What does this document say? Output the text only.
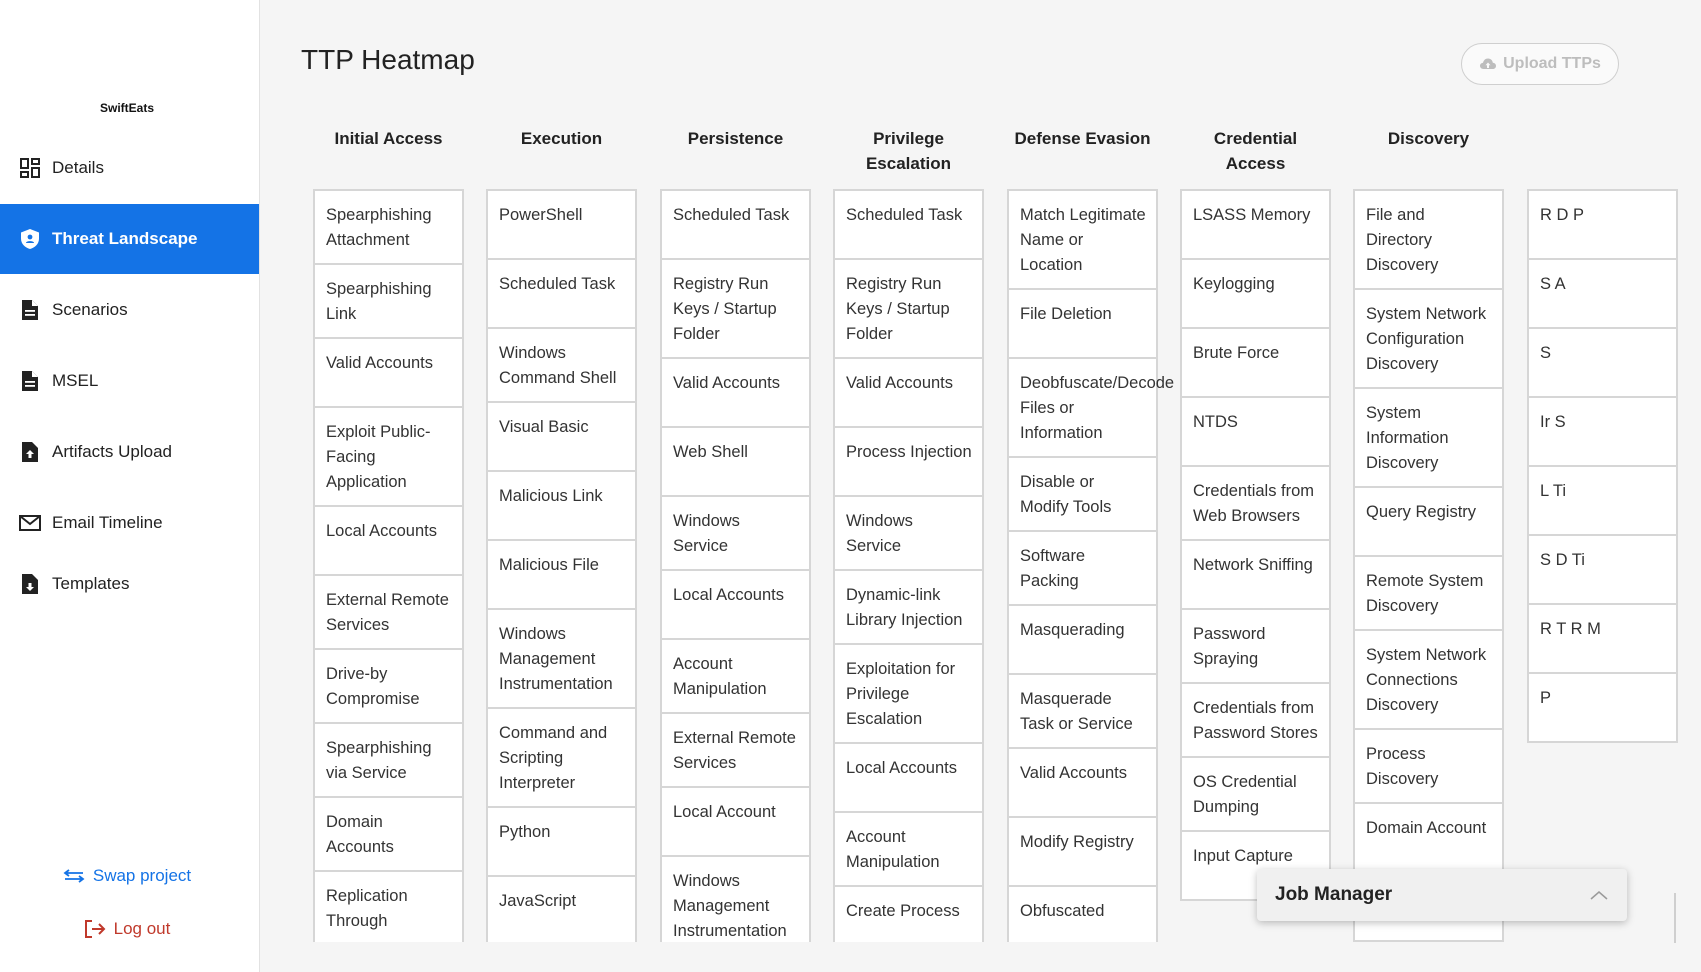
SwiftEats
Details
Threat Landscape
Scenarios
MSEL
Artifacts Upload
Email Timeline
Templates
Swap project
Log out
TTP Heatmap	Upload TTPs
Initial Access
Spearphishing Attachment
Spearphishing Link
Valid Accounts
Exploit Public-Facing Application
Local Accounts
External Remote Services
Drive-by Compromise
Spearphishing via Service
Domain Accounts
Replication Through
Execution
PowerShell
Scheduled Task
Windows Command Shell
Visual Basic
Malicious Link
Malicious File
Windows Management Instrumentation
Command and Scripting Interpreter
Python
JavaScript
Persistence
Scheduled Task
Registry Run Keys / Startup Folder
Valid Accounts
Web Shell
Windows Service
Local Accounts
Account Manipulation
External Remote Services
Local Account
Windows Management Instrumentation
Privilege Escalation
Scheduled Task
Registry Run Keys / Startup Folder
Valid Accounts
Process Injection
Windows Service
Dynamic-link Library Injection
Exploitation for Privilege Escalation
Local Accounts
Account Manipulation
Create Process
Defense Evasion
Match Legitimate Name or Location
File Deletion
Deobfuscate/Decode Files or Information
Disable or Modify Tools
Software Packing
Masquerading
Masquerade Task or Service
Valid Accounts
Modify Registry
Obfuscated
Credential Access
LSASS Memory
Keylogging
Brute Force
NTDS
Credentials from Web Browsers
Network Sniffing
Password Spraying
Credentials from Password Stores
OS Credential Dumping
Input Capture
Discovery
File and Directory Discovery
System Network Configuration Discovery
System Information Discovery
Query Registry
Remote System Discovery
System Network Connections Discovery
Process Discovery
Domain Account
R D P
S A
S
Ir S
L Ti
S D Ti
R T R M
P
Job Manager
